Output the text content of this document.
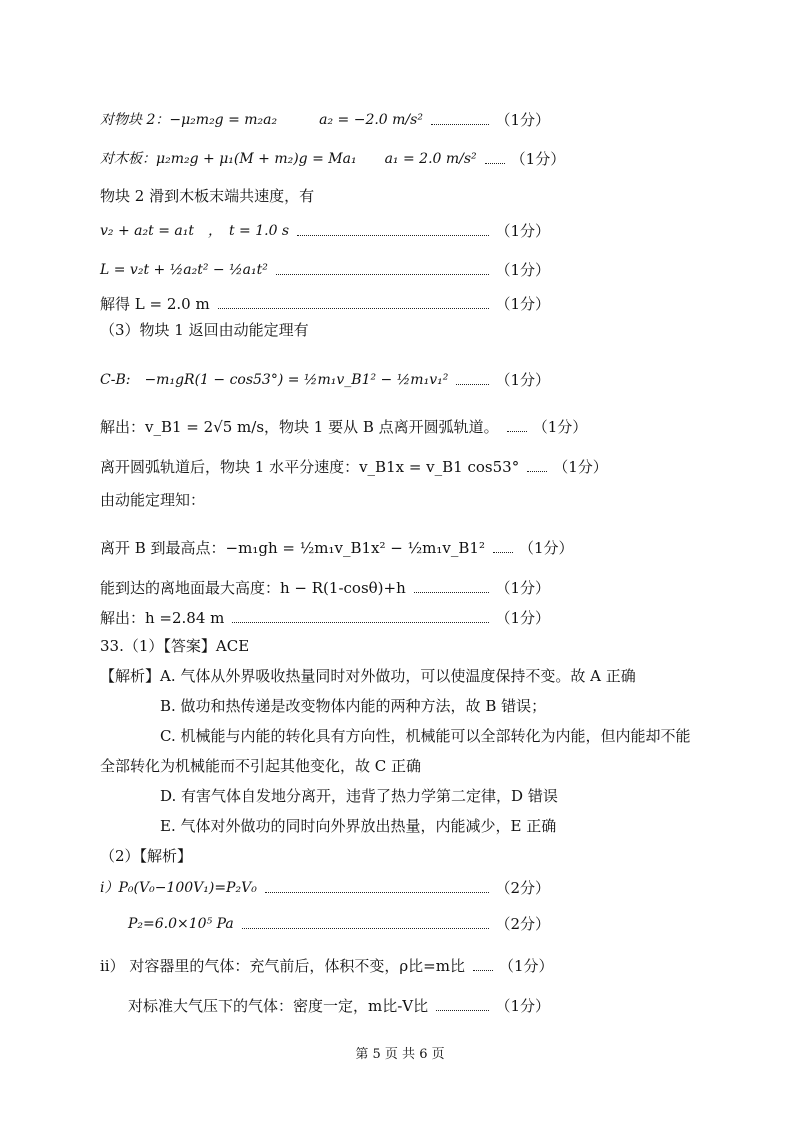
对物块 2：−μ₂m₂g = m₂a₂　　　a₂ = −2.0 m/s²	（1分）
对木板：μ₂m₂g + μ₁(M + m₂)g = Ma₁　　a₁ = 2.0 m/s² （1分）
物块 2 滑到木板末端共速度，有
v₂ + a₂t = a₁t　，　t = 1.0 s	（1分）
L = v₂t + ½a₂t² − ½a₁t²	（1分）
解得 L = 2.0 m	（1分）
（3）物块 1 返回由动能定理有
C-B:　−m₁gR(1 − cos53°) = ½m₁v_B1² − ½m₁v₁²	（1分）
解出：v_B1 = 2√5 m/s，物块 1 要从 B 点离开圆弧轨道。 （1分）
离开圆弧轨道后，物块 1 水平分速度：v_B1x = v_B1 cos53° （1分）
由动能定理知：
离开 B 到最高点：−m₁gh = ½m₁v_B1x² − ½m₁v_B1² （1分）
能到达的离地面最大高度：h − R(1-cosθ)+h	（1分）
解出：h =2.84 m	（1分）
33.（1）【答案】ACE
【解析】A. 气体从外界吸收热量同时对外做功，可以使温度保持不变。故 A 正确
B. 做功和热传递是改变物体内能的两种方法，故 B 错误；
C. 机械能与内能的转化具有方向性，机械能可以全部转化为内能，但内能却不能
全部转化为机械能而不引起其他变化，故 C 正确
D. 有害气体自发地分离开，违背了热力学第二定律，D 错误
E. 气体对外做功的同时向外界放出热量，内能减少，E 正确
（2）【解析】
i）P₀(V₀−100V₁)=P₂V₀	（2分）
P₂=6.0×10⁵ Pa	（2分）
ii） 对容器里的气体：充气前后，体积不变，ρ比=m比 （1分）
对标准大气压下的气体：密度一定，m比-V比	（1分）
第 5 页 共 6 页
